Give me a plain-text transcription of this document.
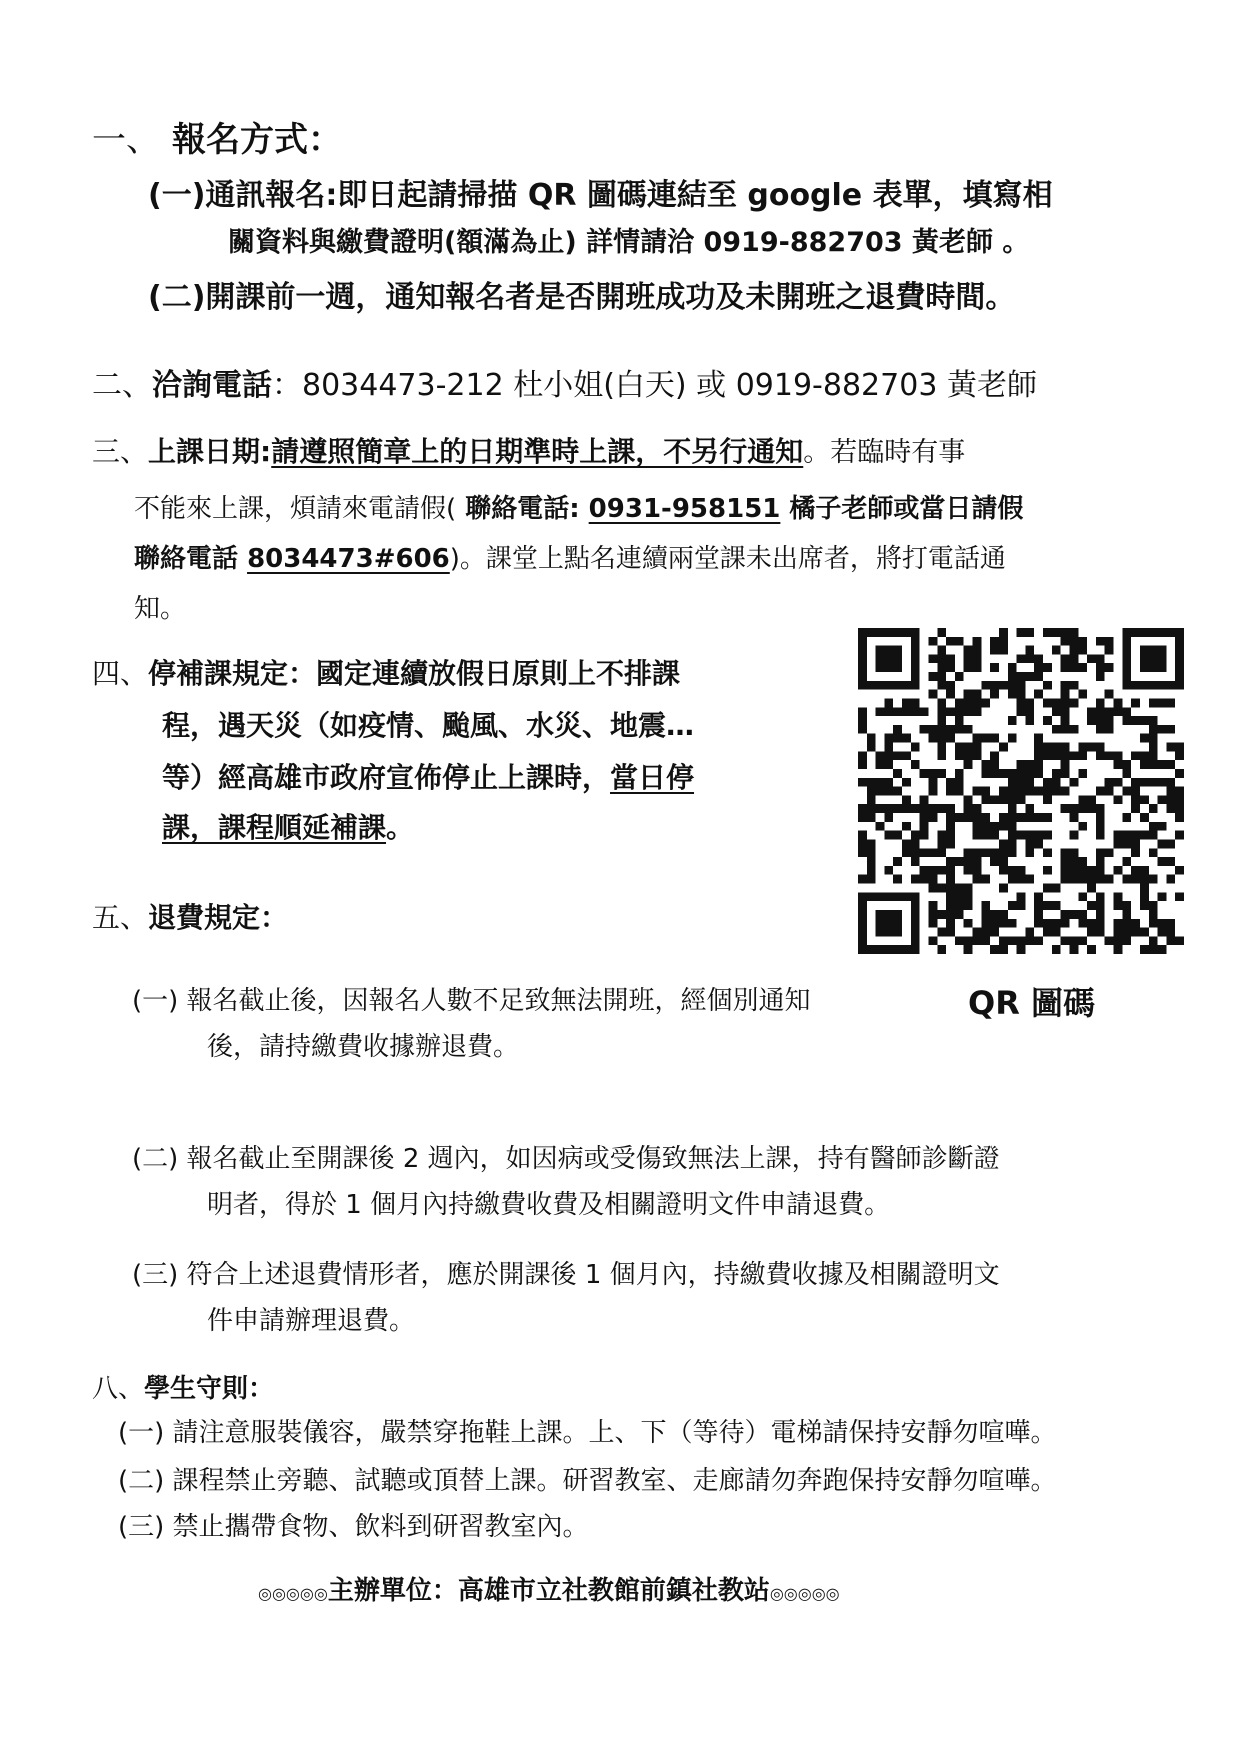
一、 報名方式：
(一)通訊報名:即日起請掃描 QR 圖碼連結至 google 表單，填寫相
關資料與繳費證明(額滿為止) 詳情請洽 0919-882703 黃老師 。
(二)開課前一週，通知報名者是否開班成功及未開班之退費時間。
二、洽詢電話：8034473-212 杜小姐(白天) 或 0919-882703 黃老師
三、上課日期:請遵照簡章上的日期準時上課，不另行通知。若臨時有事
不能來上課，煩請來電請假( 聯絡電話: 0931-958151 橘子老師或當日請假
聯絡電話 8034473#606)。課堂上點名連續兩堂課未出席者，將打電話通
知。
四、停補課規定：國定連續放假日原則上不排課
程，遇天災（如疫情、颱風、水災、地震…
等）經高雄市政府宣佈停止上課時，當日停
課，課程順延補課。
QR 圖碼
五、退費規定：
(一) 報名截止後，因報名人數不足致無法開班，經個別通知
後，請持繳費收據辦退費。
(二) 報名截止至開課後 2 週內，如因病或受傷致無法上課，持有醫師診斷證
明者，得於 1 個月內持繳費收費及相關證明文件申請退費。
(三) 符合上述退費情形者，應於開課後 1 個月內，持繳費收據及相關證明文
件申請辦理退費。
八、學生守則：
(一) 請注意服裝儀容，嚴禁穿拖鞋上課。上、下（等待）電梯請保持安靜勿喧嘩。
(二) 課程禁止旁聽、試聽或頂替上課。研習教室、走廊請勿奔跑保持安靜勿喧嘩。
(三) 禁止攜帶食物、飲料到研習教室內。
◎◎◎◎◎主辦單位：高雄市立社教館前鎮社教站◎◎◎◎◎
